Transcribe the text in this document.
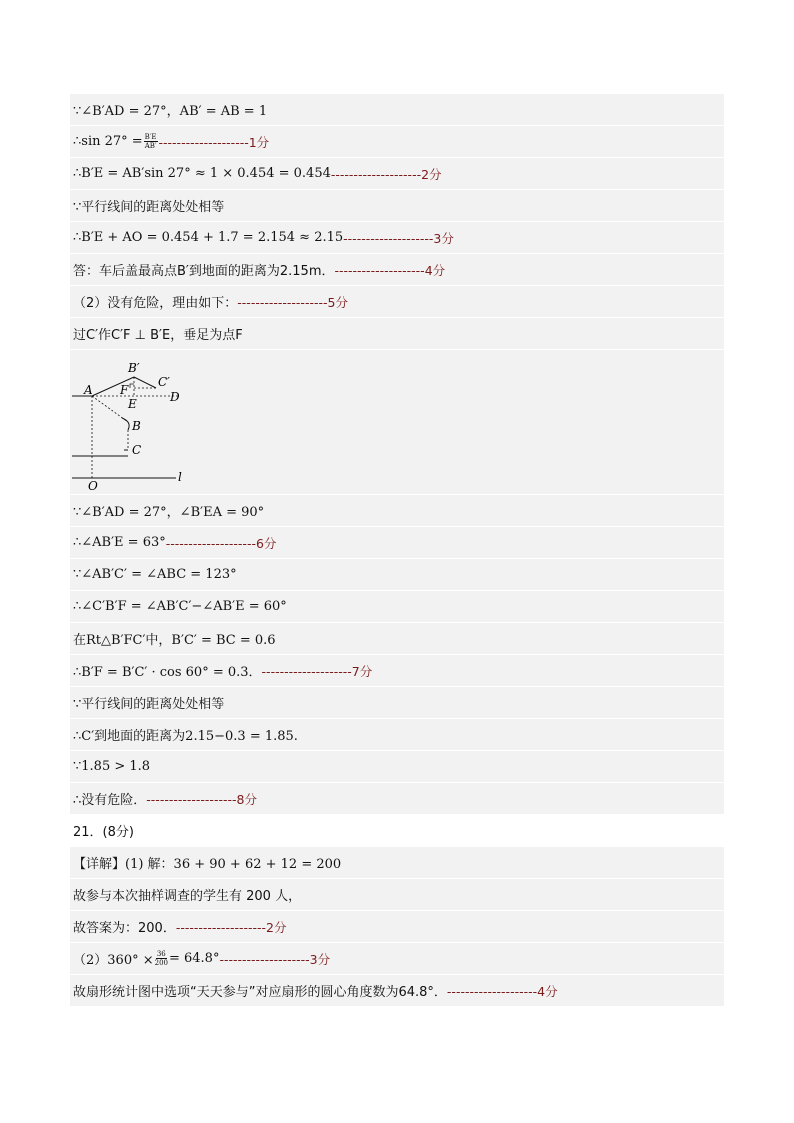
∵∠B′AD = 27°，AB′ = AB = 1
∴sin $27^\circ = \frac{B'E}{AB'} --------------------1$分
∴B′E = AB′sin 27° ≈ 1 × 0.454 = 0.454 --------------------2分
∵平行线间的距离处处相等
∴B′E + AO = 0.454 + 1.7 = 2.154 ≈ 2.15 --------------------3分
答：车后盖最高点B′到地面的距离为2.15m． --------------------4分
（2）没有危险，理由如下： --------------------5分
过C′作C′F ⊥ B′E，垂足为点F
A
B′
C′
D
F
E
B
C
O
l
∵∠B′AD = 27°，∠B′EA = 90°
∴∠AB′E = 63° --------------------6分
∵∠AB′C′ = ∠ABC = 123°
∴∠C′B′F = ∠AB′C′−∠AB′E = 60°
在Rt△B′FC′中，B′C′ = BC = 0.6
∴B′F = B′C′ · cos 60° = 0.3． --------------------7分
∵平行线间的距离处处相等
∴C′到地面的距离为2.15−0.3 = 1.85.
∵1.85 > 1.8
∴没有危险． --------------------8分
21．(8分)
【详解】(1) 解：36 + 90 + 62 + 12 = 200
故参与本次抽样调查的学生有 200 人，
故答案为：200． --------------------2分
$(2)360^\circ \times \frac{36}{200} = 64.8^\circ$ --------------------3分
故扇形统计图中选项“天天参与”对应扇形的圆心角度数为64.8°． --------------------4分
